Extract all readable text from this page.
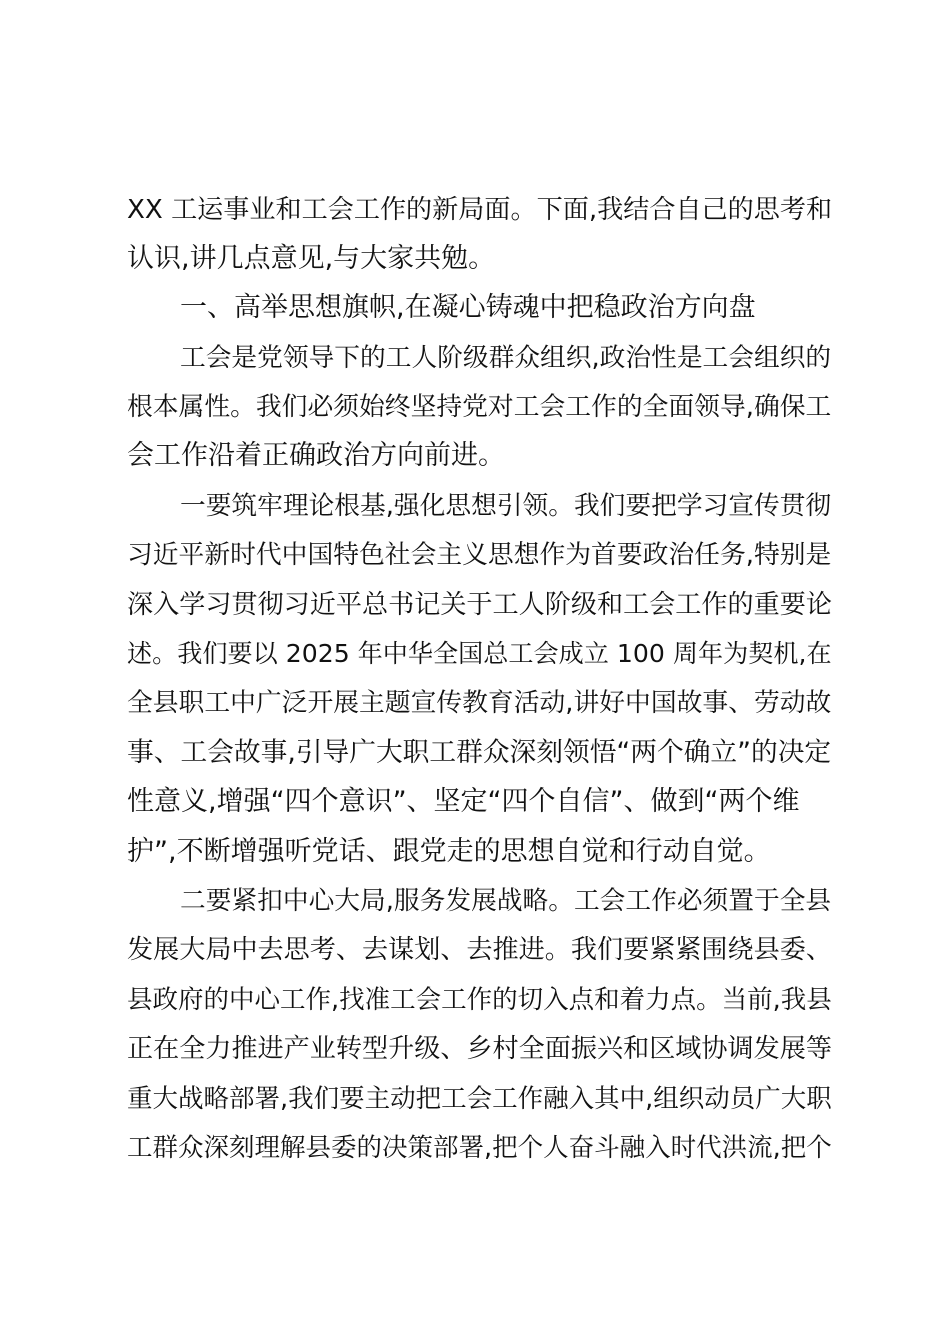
XX 工运事业和工会工作的新局面。下面,我结合自己的思考和
认识,讲几点意见,与大家共勉。
一、高举思想旗帜,在凝心铸魂中把稳政治方向盘
工会是党领导下的工人阶级群众组织,政治性是工会组织的
根本属性。我们必须始终坚持党对工会工作的全面领导,确保工
会工作沿着正确政治方向前进。
一要筑牢理论根基,强化思想引领。我们要把学习宣传贯彻
习近平新时代中国特色社会主义思想作为首要政治任务,特别是
深入学习贯彻习近平总书记关于工人阶级和工会工作的重要论
述。我们要以 2025 年中华全国总工会成立 100 周年为契机,在
全县职工中广泛开展主题宣传教育活动,讲好中国故事、劳动故
事、工会故事,引导广大职工群众深刻领悟“两个确立”的决定
性意义,增强“四个意识”、坚定“四个自信”、做到“两个维
护”,不断增强听党话、跟党走的思想自觉和行动自觉。
二要紧扣中心大局,服务发展战略。工会工作必须置于全县
发展大局中去思考、去谋划、去推进。我们要紧紧围绕县委、
县政府的中心工作,找准工会工作的切入点和着力点。当前,我县
正在全力推进产业转型升级、乡村全面振兴和区域协调发展等
重大战略部署,我们要主动把工会工作融入其中,组织动员广大职
工群众深刻理解县委的决策部署,把个人奋斗融入时代洪流,把个
